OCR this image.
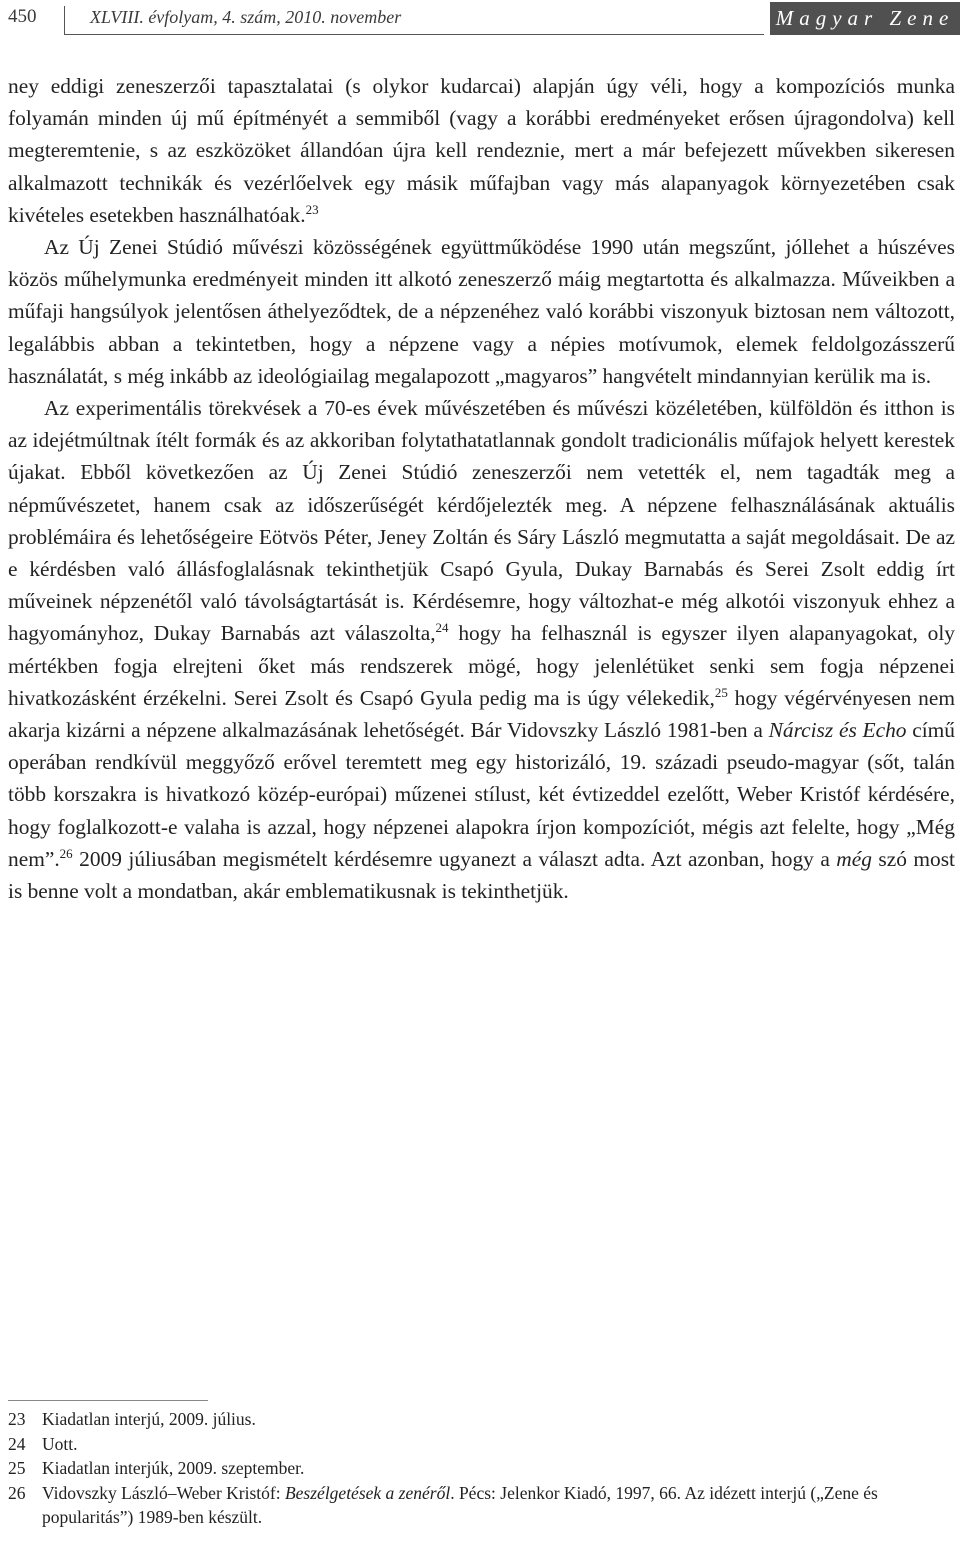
450	XLVIII. évfolyam, 4. szám, 2010. november	Magyar Zene

ney eddigi zeneszerzői tapasztalatai (s olykor kudarcai) alapján úgy véli, hogy a kompozíciós munka folyamán minden új mű építményét a semmiből (vagy a korábbi eredményeket erősen újragondolva) kell megteremtenie, s az eszközöket állandóan újra kell rendeznie, mert a már befejezett művekben sikeresen alkalmazott technikák és vezérlőelvek egy másik műfajban vagy más alapanyagok környezetében csak kivételes esetekben használhatóak.$^{23}$

Az Új Zenei Stúdió művészi közösségének együttműködése 1990 után megszűnt, jóllehet a húszéves közös műhelymunka eredményeit minden itt alkotó zeneszerző máig megtartotta és alkalmazza. Műveikben a műfaji hangsúlyok jelentősen áthelyeződtek, de a népzenéhez való korábbi viszonyuk biztosan nem változott, legalábbis abban a tekintetben, hogy a népzene vagy a népies motívumok, elemek feldolgozásszerű használatát, s még inkább az ideológiailag megalapozott „magyaros” hangvételt mindannyian kerülik ma is.

Az experimentális törekvések a 70-es évek művészetében és művészi közéletében, külföldön és itthon is az idejétmúltnak ítélt formák és az akkoriban folytathatatlannak gondolt tradicionális műfajok helyett kerestek újakat. Ebből következően az Új Zenei Stúdió zeneszerzői nem vetették el, nem tagadták meg a népművészetet, hanem csak az időszerűségét kérdőjelezték meg. A népzene felhasználásának aktuális problémáira és lehetőségeire Eötvös Péter, Jeney Zoltán és Sáry László megmutatta a saját megoldásait. De az e kérdésben való állásfoglalásnak tekinthetjük Csapó Gyula, Dukay Barnabás és Serei Zsolt eddig írt műveinek népzenétől való távolságtartását is. Kérdésemre, hogy változhat-e még alkotói viszonyuk ehhez a hagyományhoz, Dukay Barnabás azt válaszolta,$^{24}$ hogy ha felhasznál is egyszer ilyen alapanyagokat, oly mértékben fogja elrejteni őket más rendszerek mögé, hogy jelenlétüket senki sem fogja népzenei hivatkozásként érzékelni. Serei Zsolt és Csapó Gyula pedig ma is úgy vélekedik,$^{25}$ hogy végérvényesen nem akarja kizárni a népzene alkalmazásának lehetőségét. Bár Vidovszky László 1981-ben a Nárcisz és Echo című operában rendkívül meggyőző erővel teremtett meg egy historizáló, 19. századi pseudo-magyar (sőt, talán több korszakra is hivatkozó közép-európai) műzenei stílust, két évtizeddel ezelőtt, Weber Kristóf kérdésére, hogy foglalkozott-e valaha is azzal, hogy népzenei alapokra írjon kompozíciót, mégis azt felelte, hogy „Még nem”.$^{26}$ 2009 júliusában megismételt kérdésemre ugyanezt a választ adta. Azt azonban, hogy a még szó most is benne volt a mondatban, akár emblematikusnak is tekinthetjük.

23 Kiadatlan interjú, 2009. július.
24 Uott.
25 Kiadatlan interjúk, 2009. szeptember.
26 Vidovszky László–Weber Kristóf: Beszélgetések a zenéről. Pécs: Jelenkor Kiadó, 1997, 66. Az idézett interjú („Zene és popularitás”) 1989-ben készült.
